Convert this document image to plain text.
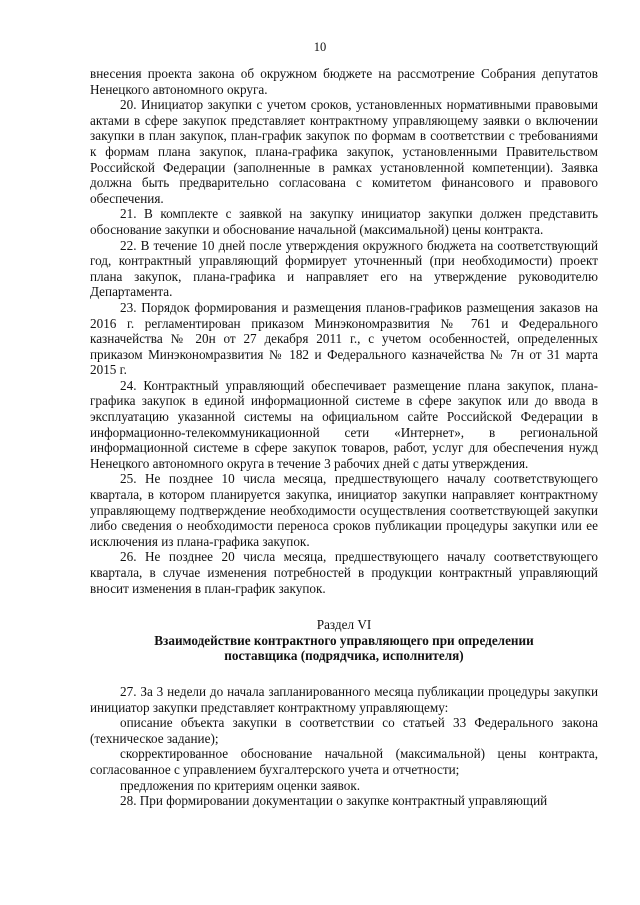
10

внесения проекта закона об окружном бюджете на рассмотрение Собрания депутатов Ненецкого автономного округа.

20. Инициатор закупки с учетом сроков, установленных нормативными правовыми актами в сфере закупок представляет контрактному управляющему заявки о включении закупки в план закупок, план-график закупок по формам в соответствии с требованиями к формам плана закупок, плана-графика закупок, установленными Правительством Российской Федерации (заполненные в рамках установленной компетенции). Заявка должна быть предварительно согласована с комитетом финансового и правового обеспечения.

21. В комплекте с заявкой на закупку инициатор закупки должен представить обоснование закупки и обоснование начальной (максимальной) цены контракта.

22. В течение 10 дней после утверждения окружного бюджета на соответствующий год, контрактный управляющий формирует уточненный (при необходимости) проект плана закупок, плана-графика и направляет его на утверждение руководителю Департамента.

23. Порядок формирования и размещения планов-графиков размещения заказов на 2016 г. регламентирован приказом Минэкономразвития № 761 и Федерального казначейства № 20н от 27 декабря 2011 г., с учетом особенностей, определенных приказом Минэкономразвития № 182 и Федерального казначейства № 7н от 31 марта 2015 г.

24. Контрактный управляющий обеспечивает размещение плана закупок, плана-графика закупок в единой информационной системе в сфере закупок или до ввода в эксплуатацию указанной системы на официальном сайте Российской Федерации в информационно-телекоммуникационной сети «Интернет», в региональной информационной системе в сфере закупок товаров, работ, услуг для обеспечения нужд Ненецкого автономного округа в течение 3 рабочих дней с даты утверждения.

25. Не позднее 10 числа месяца, предшествующего началу соответствующего квартала, в котором планируется закупка, инициатор закупки направляет контрактному управляющему подтверждение необходимости осуществления соответствующей закупки либо сведения о необходимости переноса сроков публикации процедуры закупки или ее исключения из плана-графика закупок.

26. Не позднее 20 числа месяца, предшествующего началу соответствующего квартала, в случае изменения потребностей в продукции контрактный управляющий вносит изменения в план-график закупок.

Раздел VI

Взаимодействие контрактного управляющего при определении

поставщика (подрядчика, исполнителя)

27. За 3 недели до начала запланированного месяца публикации процедуры закупки инициатор закупки представляет контрактному управляющему:

описание объекта закупки в соответствии со статьей 33 Федерального закона (техническое задание);

скорректированное обоснование начальной (максимальной) цены контракта, согласованное с управлением бухгалтерского учета и отчетности;

предложения по критериям оценки заявок.

28. При формировании документации о закупке контрактный управляющий
